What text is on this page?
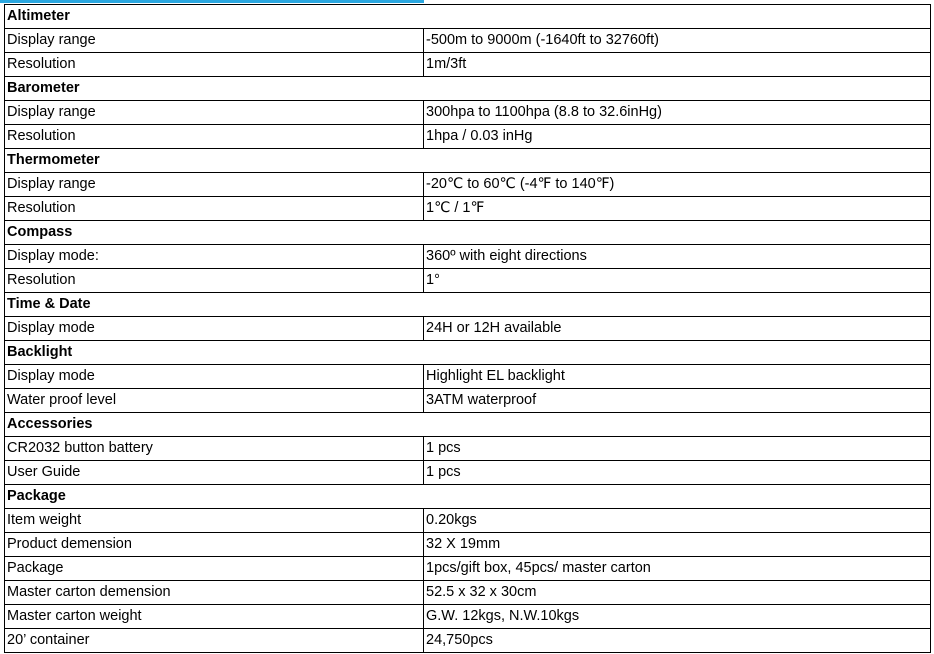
Altimeter	
Display range	-500m to 9000m (-1640ft to 32760ft)
Resolution	1m/3ft
Barometer	
Display range	300hpa to 1100hpa (8.8 to 32.6inHg)
Resolution	1hpa / 0.03 inHg
Thermometer	
Display range	-20℃ to 60℃ (-4℉ to 140℉)
Resolution	1℃ / 1℉
Compass	
Display mode:	360º with eight directions
Resolution	1°
Time & Date	
Display mode	24H or 12H available
Backlight	
Display mode	Highlight EL backlight
Water proof level	3ATM waterproof
Accessories	
CR2032 button battery	1 pcs
User Guide	1 pcs
Package	
Item weight	0.20kgs
Product demension	32 X 19mm
Package	1pcs/gift box, 45pcs/ master carton
Master carton demension	52.5 x 32 x 30cm
Master carton weight	G.W. 12kgs, N.W.10kgs
20’ container	24,750pcs
